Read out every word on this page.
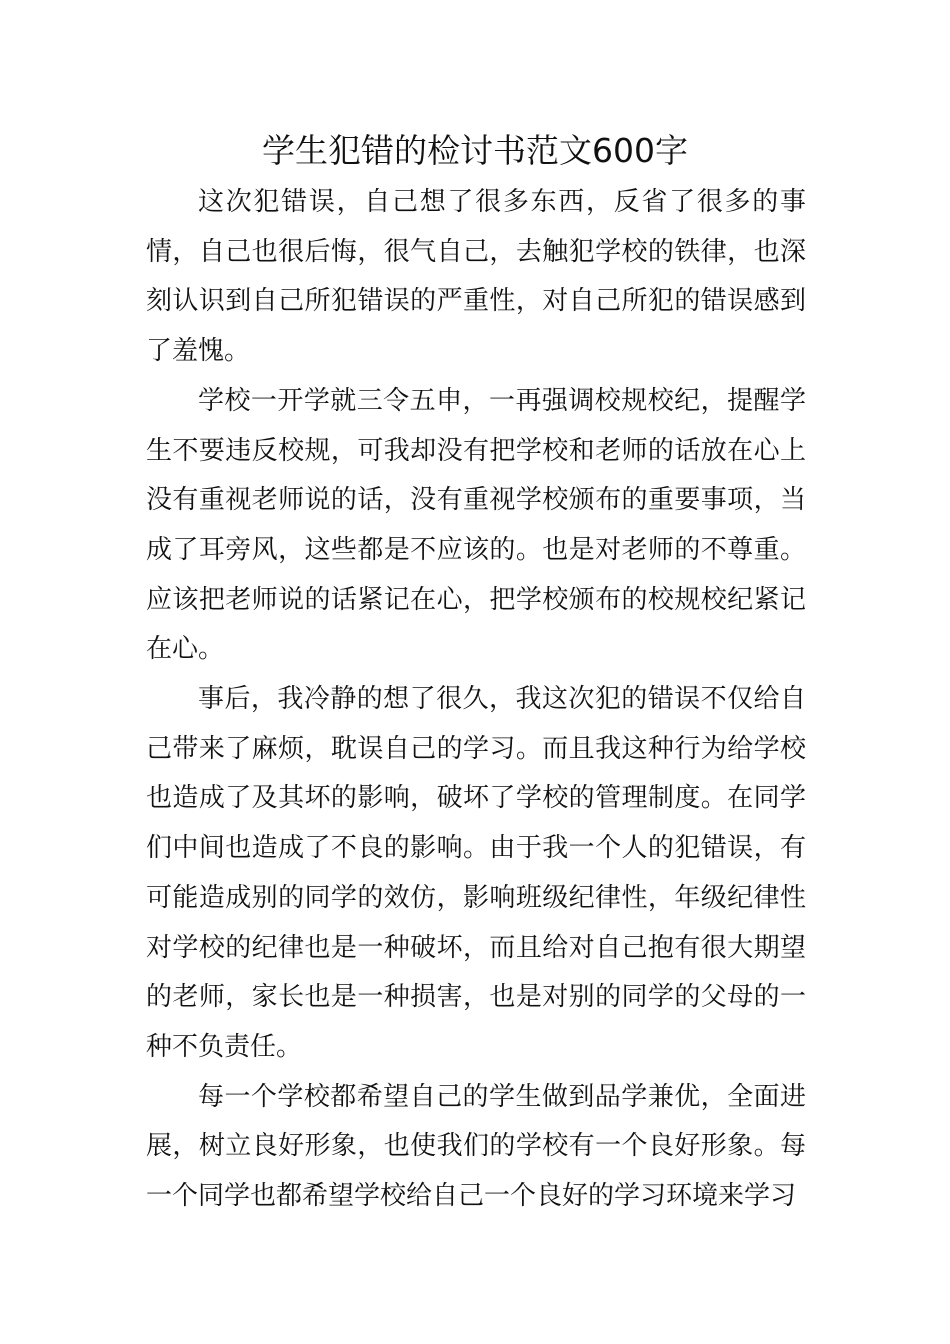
学生犯错的检讨书范文600字

这次犯错误，自己想了很多东西，反省了很多的事情，自己也很后悔，很气自己，去触犯学校的铁律，也深刻认识到自己所犯错误的严重性，对自己所犯的错误感到了羞愧。

学校一开学就三令五申，一再强调校规校纪，提醒学生不要违反校规，可我却没有把学校和老师的话放在心上没有重视老师说的话，没有重视学校颁布的重要事项，当成了耳旁风，这些都是不应该的。也是对老师的不尊重。应该把老师说的话紧记在心，把学校颁布的校规校纪紧记在心。

事后，我冷静的想了很久，我这次犯的错误不仅给自己带来了麻烦，耽误自己的学习。而且我这种行为给学校也造成了及其坏的影响，破坏了学校的管理制度。在同学们中间也造成了不良的影响。由于我一个人的犯错误，有可能造成别的同学的效仿，影响班级纪律性，年级纪律性对学校的纪律也是一种破坏，而且给对自己抱有很大期望的老师，家长也是一种损害，也是对别的同学的父母的一种不负责任。

每一个学校都希望自己的学生做到品学兼优，全面进展，树立良好形象，也使我们的学校有一个良好形象。每一个同学也都希望学校给自己一个良好的学习环境来学习
